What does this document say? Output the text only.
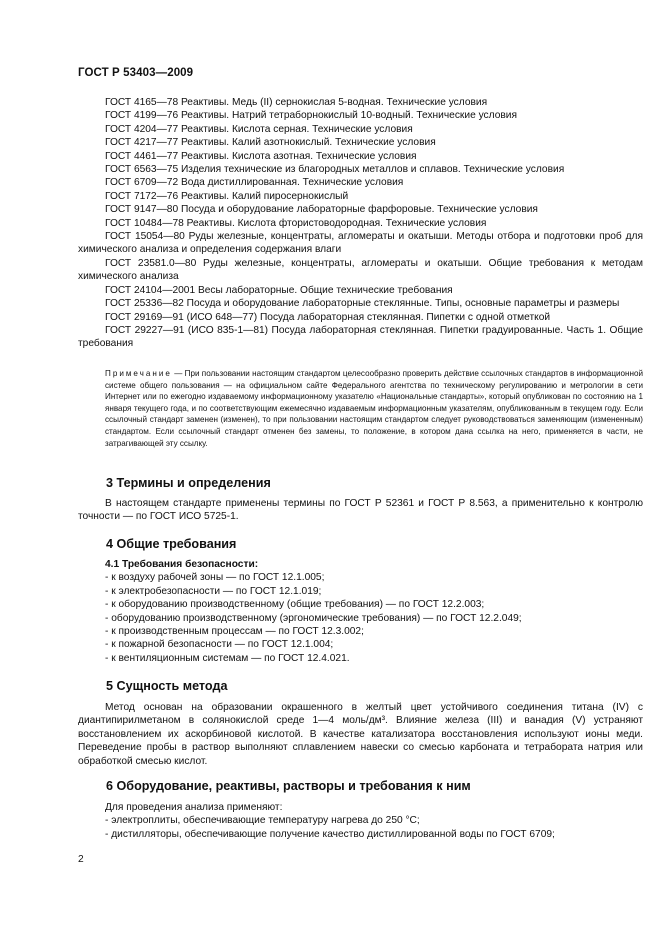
ГОСТ Р 53403—2009

ГОСТ 4165—78 Реактивы. Медь (II) сернокислая 5-водная. Технические условия

ГОСТ 4199—76 Реактивы. Натрий тетраборнокислый 10-водный. Технические условия

ГОСТ 4204—77 Реактивы. Кислота серная. Технические условия

ГОСТ 4217—77 Реактивы. Калий азотнокислый. Технические условия

ГОСТ 4461—77 Реактивы. Кислота азотная. Технические условия

ГОСТ 6563—75 Изделия технические из благородных металлов и сплавов. Технические условия

ГОСТ 6709—72 Вода дистиллированная. Технические условия

ГОСТ 7172—76 Реактивы. Калий пиросернокислый

ГОСТ 9147—80 Посуда и оборудование лабораторные фарфоровые. Технические условия

ГОСТ 10484—78 Реактивы. Кислота фтористоводородная. Технические условия

ГОСТ 15054—80 Руды железные, концентраты, агломераты и окатыши. Методы отбора и подготовки проб для химического анализа и определения содержания влаги

ГОСТ 23581.0—80 Руды железные, концентраты, агломераты и окатыши. Общие требования к методам химического анализа

ГОСТ 24104—2001 Весы лабораторные. Общие технические требования

ГОСТ 25336—82 Посуда и оборудование лабораторные стеклянные. Типы, основные параметры и размеры

ГОСТ 29169—91 (ИСО 648—77) Посуда лабораторная стеклянная. Пипетки с одной отметкой

ГОСТ 29227—91 (ИСО 835-1—81) Посуда лабораторная стеклянная. Пипетки градуированные. Часть 1. Общие требования

Примечание — При пользовании настоящим стандартом целесообразно проверить действие ссылочных стандартов в информационной системе общего пользования — на официальном сайте Федерального агентства по техническому регулированию и метрологии в сети Интернет или по ежегодно издаваемому информационному указателю «Национальные стандарты», который опубликован по состоянию на 1 января текущего года, и по соответствующим ежемесячно издаваемым информационным указателям, опубликованным в текущем году. Если ссылочный стандарт заменен (изменен), то при пользовании настоящим стандартом следует руководствоваться заменяющим (измененным) стандартом. Если ссылочный стандарт отменен без замены, то положение, в котором дана ссылка на него, применяется в части, не затрагивающей эту ссылку.

3 Термины и определения

В настоящем стандарте применены термины по ГОСТ Р 52361 и ГОСТ Р 8.563, а применительно к контролю точности — по ГОСТ ИСО 5725-1.

4 Общие требования

4.1 Требования безопасности:

- к воздуху рабочей зоны — по ГОСТ 12.1.005;

- к электробезопасности — по ГОСТ 12.1.019;

- к оборудованию производственному (общие требования) — по ГОСТ 12.2.003;

- оборудованию производственному (эргономические требования) — по ГОСТ 12.2.049;

- к производственным процессам — по ГОСТ 12.3.002;

- к пожарной безопасности — по ГОСТ 12.1.004;

- к вентиляционным системам — по ГОСТ 12.4.021.

5 Сущность метода

Метод основан на образовании окрашенного в желтый цвет устойчивого соединения титана (IV) с диантипирилметаном в солянокислой среде 1—4 моль/дм³. Влияние железа (III) и ванадия (V) устраняют восстановлением их аскорбиновой кислотой. В качестве катализатора восстановления используют ионы меди. Переведение пробы в раствор выполняют сплавлением навески со смесью карбоната и тетрабората натрия или обработкой смесью кислот.

6 Оборудование, реактивы, растворы и требования к ним

Для проведения анализа применяют:

- электроплиты, обеспечивающие температуру нагрева до 250 °С;

- дистилляторы, обеспечивающие получение качество дистиллированной воды по ГОСТ 6709;

2
